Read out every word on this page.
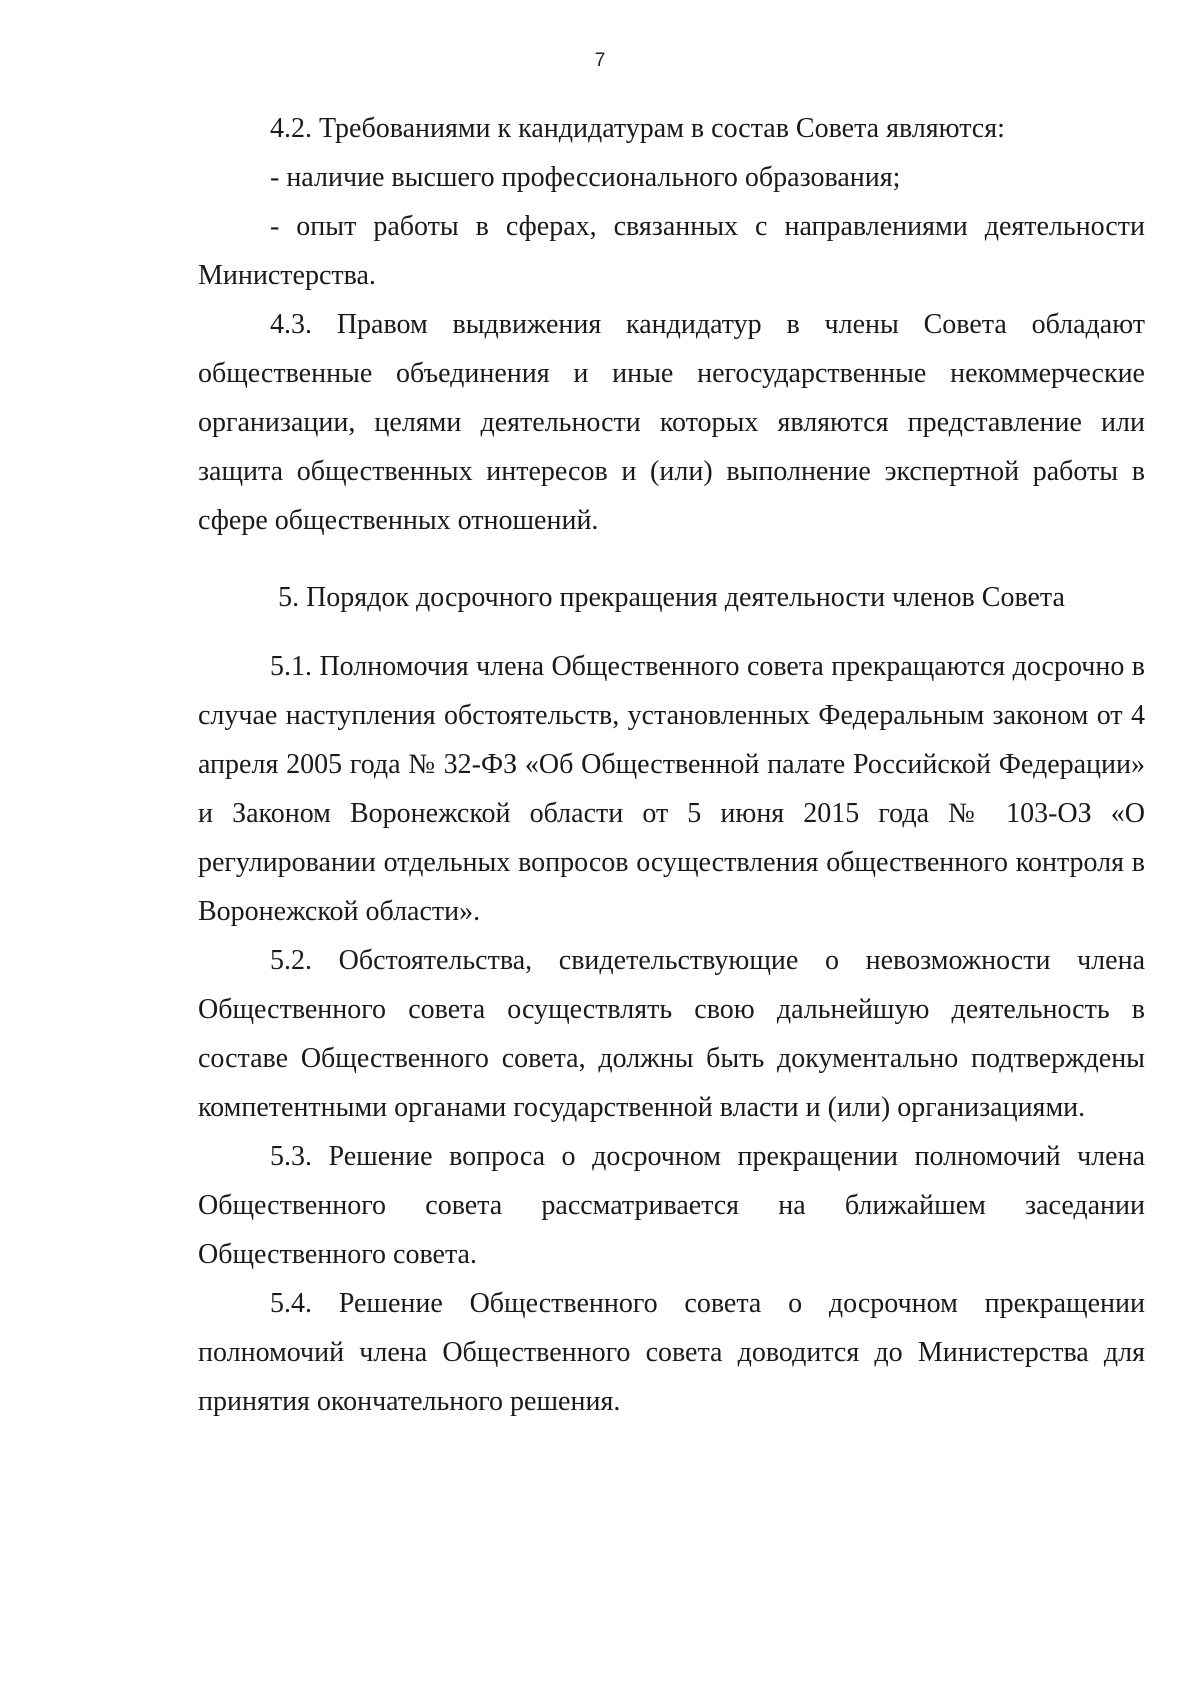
7

4.2. Требованиями к кандидатурам в состав Совета являются:

- наличие высшего профессионального образования;

- опыт работы в сферах, связанных с направлениями деятельности Министерства.

4.3. Правом выдвижения кандидатур в члены Совета обладают общественные объединения и иные негосударственные некоммерческие организации, целями деятельности которых являются представление или защита общественных интересов и (или) выполнение экспертной работы в сфере общественных отношений.

5. Порядок досрочного прекращения деятельности членов Совета

5.1. Полномочия члена Общественного совета прекращаются досрочно в случае наступления обстоятельств, установленных Федеральным законом от 4 апреля 2005 года № 32-ФЗ «Об Общественной палате Российской Федерации» и Законом Воронежской области от 5 июня 2015 года № 103-ОЗ «О регулировании отдельных вопросов осуществления общественного контроля в Воронежской области».

5.2. Обстоятельства, свидетельствующие о невозможности члена Общественного совета осуществлять свою дальнейшую деятельность в составе Общественного совета, должны быть документально подтверждены компетентными органами государственной власти и (или) организациями.

5.3. Решение вопроса о досрочном прекращении полномочий члена Общественного совета рассматривается на ближайшем заседании Общественного совета.

5.4. Решение Общественного совета о досрочном прекращении полномочий члена Общественного совета доводится до Министерства для принятия окончательного решения.
